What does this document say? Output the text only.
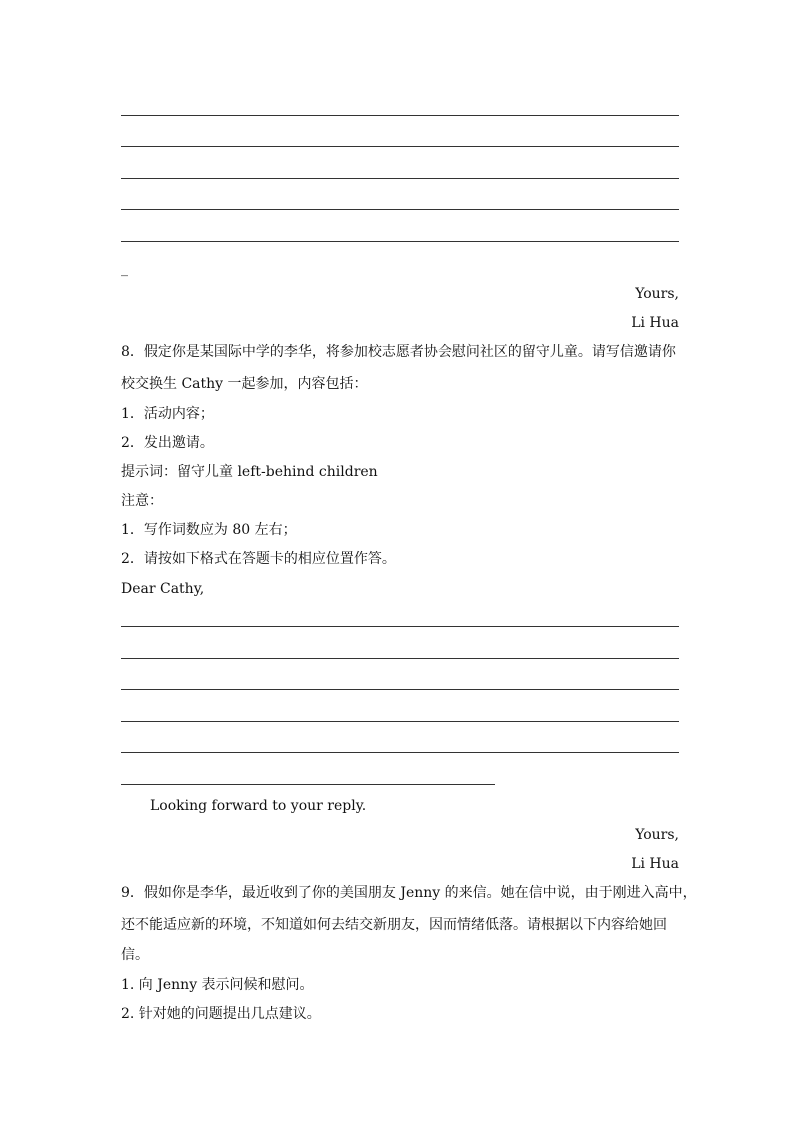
_
Yours,
Li Hua
8．假定你是某国际中学的李华，将参加校志愿者协会慰问社区的留守儿童。请写信邀请你
校交换生 Cathy 一起参加，内容包括：
1．活动内容；
2．发出邀请。
提示词：留守儿童 left-behind children
注意：
1．写作词数应为 80 左右；
2．请按如下格式在答题卡的相应位置作答。
Dear Cathy,
Looking forward to your reply.
Yours,
Li Hua
9．假如你是李华，最近收到了你的美国朋友 Jenny 的来信。她在信中说，由于刚进入高中，
还不能适应新的环境，不知道如何去结交新朋友，因而情绪低落。请根据以下内容给她回
信。
1. 向 Jenny 表示问候和慰问。
2. 针对她的问题提出几点建议。
